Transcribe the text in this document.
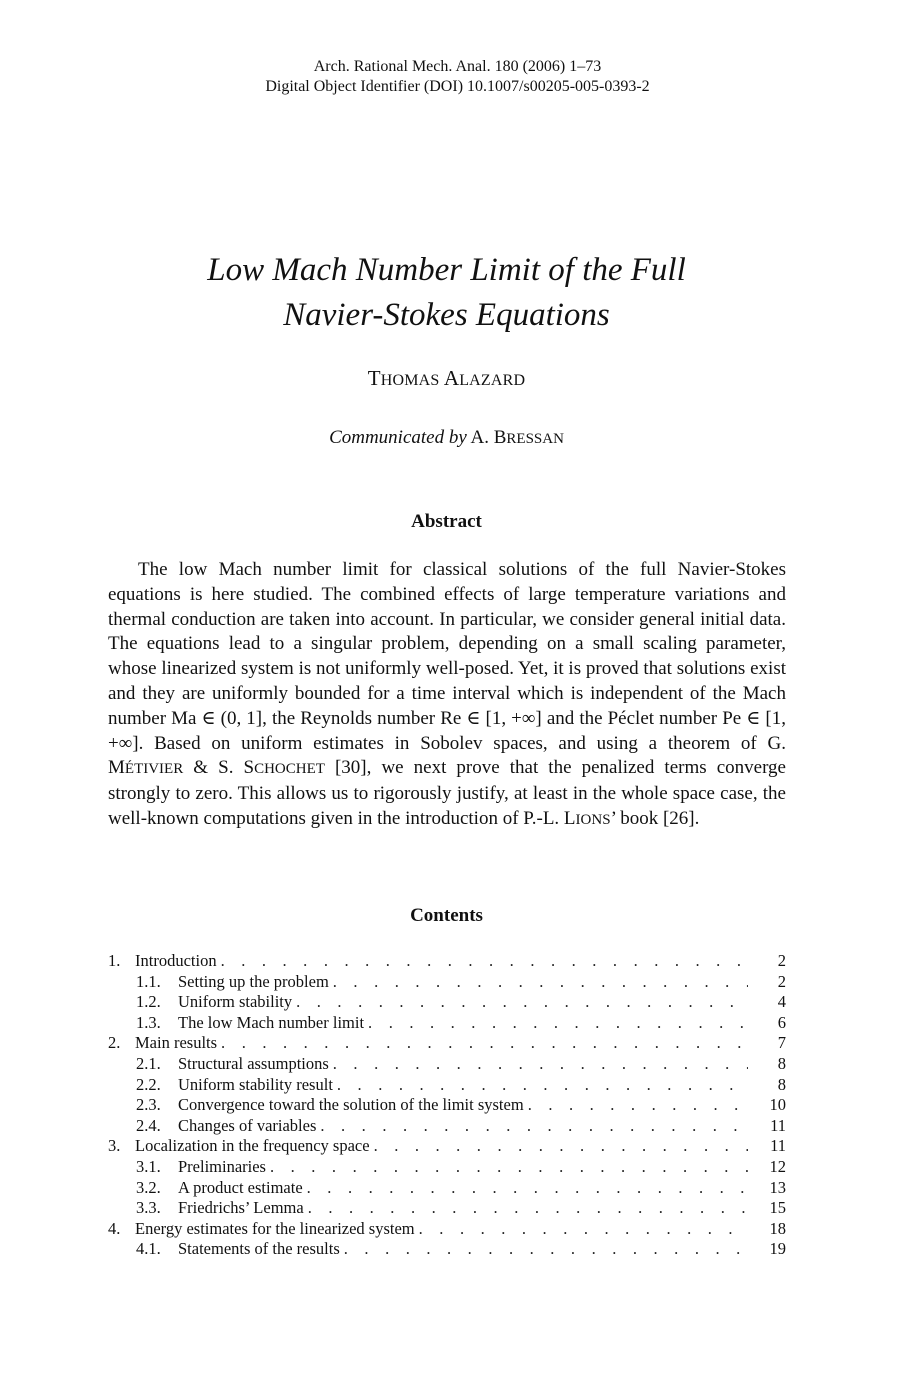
Arch. Rational Mech. Anal. 180 (2006) 1–73
Digital Object Identifier (DOI) 10.1007/s00205-005-0393-2
Low Mach Number Limit of the Full
Navier-Stokes Equations
THOMAS ALAZARD
Communicated by A. BRESSAN
Abstract
The low Mach number limit for classical solutions of the full Navier-Stokes equations is here studied. The combined effects of large temperature variations and thermal conduction are taken into account. In particular, we consider general initial data. The equations lead to a singular problem, depending on a small scaling parameter, whose linearized system is not uniformly well-posed. Yet, it is proved that solutions exist and they are uniformly bounded for a time interval which is independent of the Mach number Ma ∈ (0, 1], the Reynolds number Re ∈ [1, +∞] and the Péclet number Pe ∈ [1, +∞]. Based on uniform estimates in Sobolev spaces, and using a theorem of G. MÉTIVIER & S. SCHOCHET [30], we next prove that the penalized terms converge strongly to zero. This allows us to rigorously justify, at least in the whole space case, the well-known computations given in the introduction of P.-L. LIONS’ book [26].
Contents
1. Introduction . . .	2
1.1.	Setting up the problem . . .	2
1.2.	Uniform stability . . .	4
1.3.	The low Mach number limit . . .	6
2. Main results . . .	7
2.1.	Structural assumptions . . .	8
2.2.	Uniform stability result . . .	8
2.3.	Convergence toward the solution of the limit system . . .	10
2.4.	Changes of variables . . .	11
3. Localization in the frequency space . . .	11
3.1.	Preliminaries . . .	12
3.2.	A product estimate . . .	13
3.3.	Friedrichs’ Lemma . . .	15
4. Energy estimates for the linearized system . . .	18
4.1.	Statements of the results . . .	19
